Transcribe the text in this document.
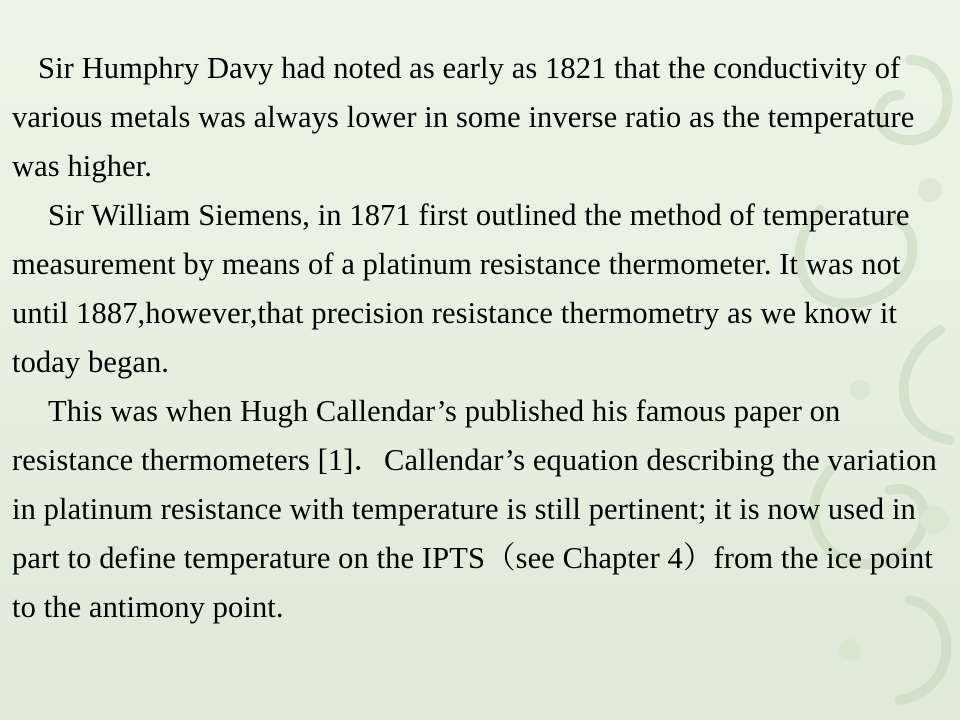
Sir Humphry Davy had noted as early as 1821 that the conductivity of various metals was always lower in some inverse ratio as the temperature was higher.

Sir William Siemens, in 1871 first outlined the method of temperature measurement by means of a platinum resistance thermometer. It was not until 1887,however,that precision resistance thermometry as we know it today began.

This was when Hugh Callendar’s published his famous paper on resistance thermometers [1]．Callendar’s equation describing the variation in platinum resistance with temperature is still pertinent; it is now used in part to define temperature on the IPTS（see Chapter 4）from the ice point to the antimony point.
